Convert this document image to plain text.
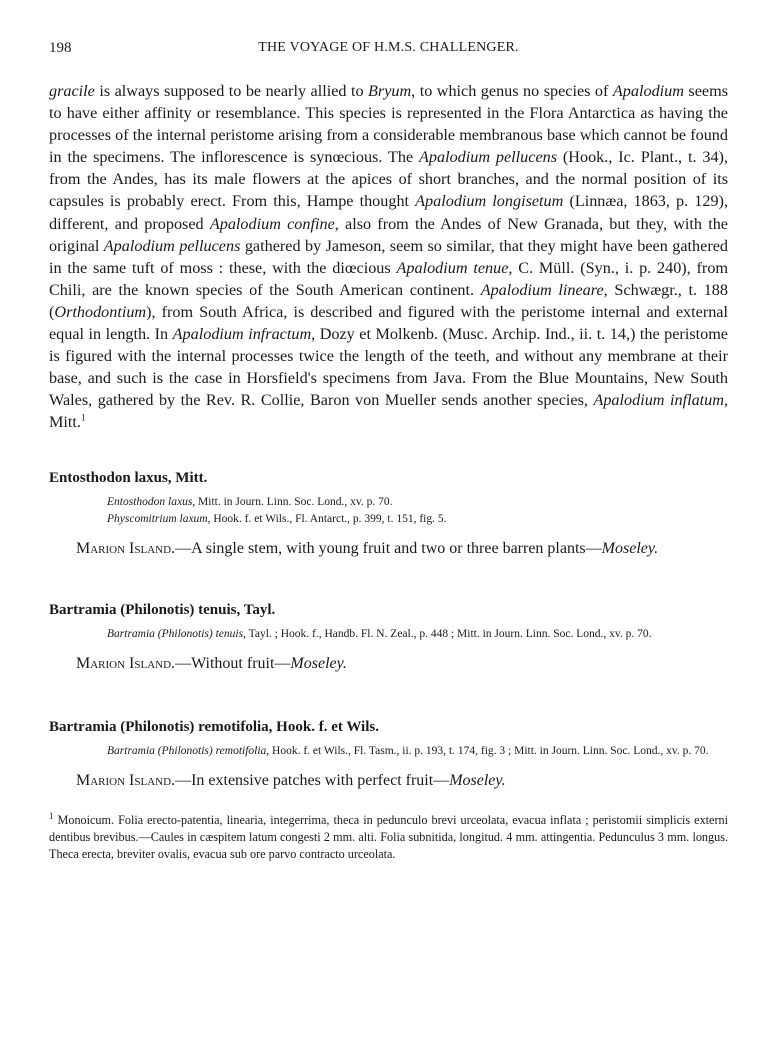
198	THE VOYAGE OF H.M.S. CHALLENGER.

gracile is always supposed to be nearly allied to Bryum, to which genus no species of Apalodium seems to have either affinity or resemblance. This species is represented in the Flora Antarctica as having the processes of the internal peristome arising from a considerable membranous base which cannot be found in the specimens. The inflorescence is synœcious. The Apalodium pellucens (Hook., Ic. Plant., t. 34), from the Andes, has its male flowers at the apices of short branches, and the normal position of its capsules is probably erect. From this, Hampe thought Apalodium longisetum (Linnæa, 1863, p. 129), different, and proposed Apalodium confine, also from the Andes of New Granada, but they, with the original Apalodium pellucens gathered by Jameson, seem so similar, that they might have been gathered in the same tuft of moss : these, with the diœcious Apalodium tenue, C. Müll. (Syn., i. p. 240), from Chili, are the known species of the South American continent. Apalodium lineare, Schwægr., t. 188 (Orthodontium), from South Africa, is described and figured with the peristome internal and external equal in length. In Apalodium infractum, Dozy et Molkenb. (Musc. Archip. Ind., ii. t. 14,) the peristome is figured with the internal processes twice the length of the teeth, and without any membrane at their base, and such is the case in Horsfield's specimens from Java. From the Blue Mountains, New South Wales, gathered by the Rev. R. Collie, Baron von Mueller sends another species, Apalodium inflatum, Mitt.$^1$

Entosthodon laxus, Mitt.

Entosthodon laxus, Mitt. in Journ. Linn. Soc. Lond., xv. p. 70.
Physcomitrium laxum, Hook. f. et Wils., Fl. Antarct., p. 399, t. 151, fig. 5.

Marion Island.—A single stem, with young fruit and two or three barren plants—Moseley.

Bartramia (Philonotis) tenuis, Tayl.

Bartramia (Philonotis) tenuis, Tayl. ; Hook. f., Handb. Fl. N. Zeal., p. 448 ; Mitt. in Journ. Linn. Soc. Lond., xv. p. 70.

Marion Island.—Without fruit—Moseley.

Bartramia (Philonotis) remotifolia, Hook. f. et Wils.

Bartramia (Philonotis) remotifolia, Hook. f. et Wils., Fl. Tasm., ii. p. 193, t. 174, fig. 3 ; Mitt. in Journ. Linn. Soc. Lond., xv. p. 70.

Marion Island.—In extensive patches with perfect fruit—Moseley.

$^1$ Monoicum. Folia erecto-patentia, linearia, integerrima, theca in pedunculo brevi urceolata, evacua inflata ; peristomii simplicis externi dentibus brevibus.—Caules in cæspitem latum congesti 2 mm. alti. Folia subnitida, longitud. 4 mm. attingentia. Pedunculus 3 mm. longus. Theca erecta, breviter ovalis, evacua sub ore parvo contracto urceolata.
